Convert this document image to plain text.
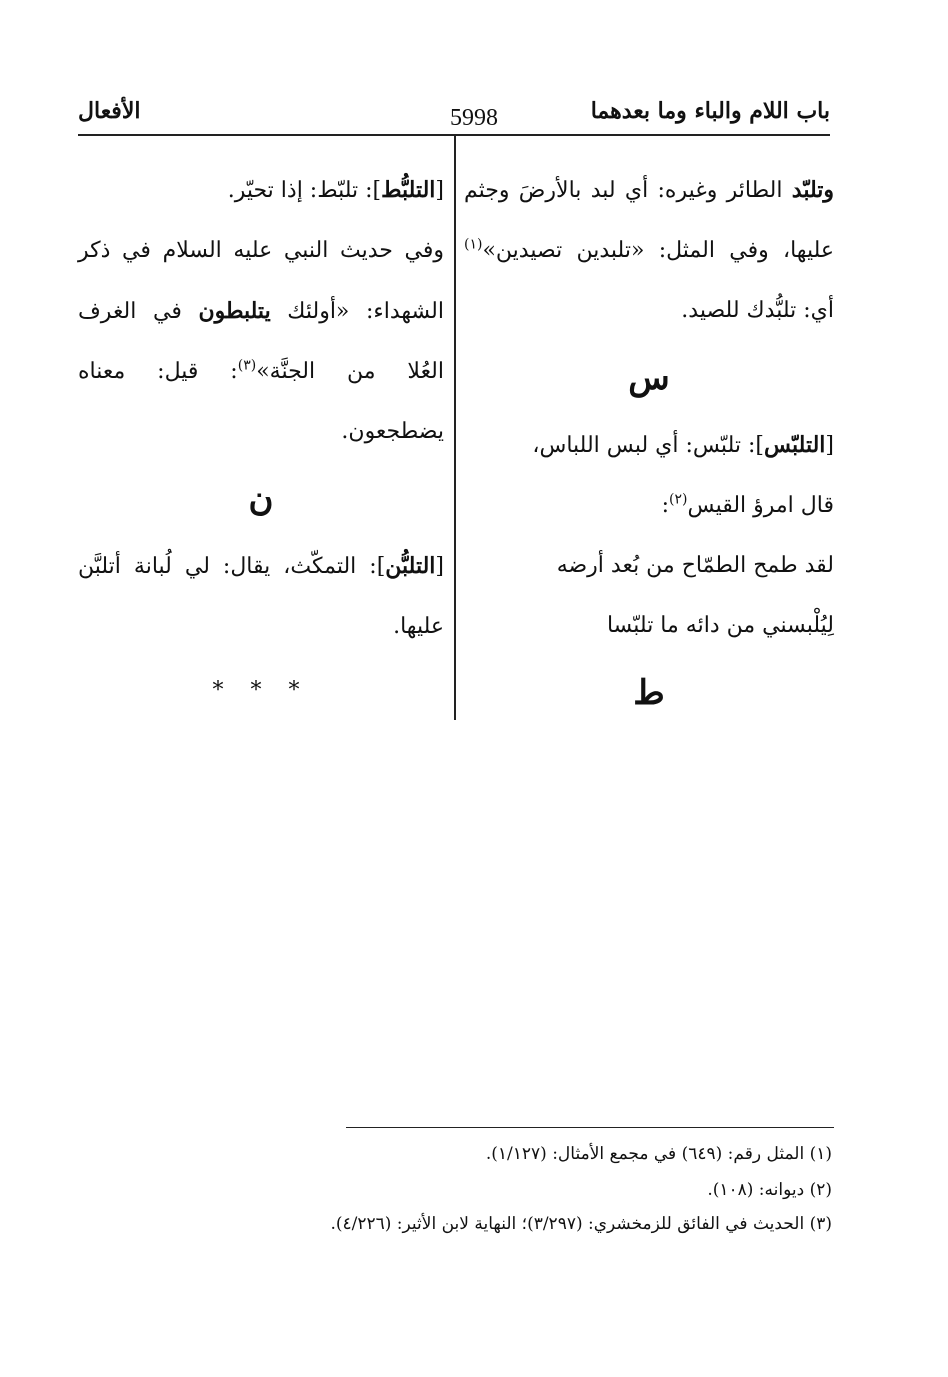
باب اللام والباء وما بعدهما
5998
الأفعال

وتلبّد الطائر وغيره: أي لبد بالأرضَ وجثم عليها، وفي المثل: «تلبدين تصيدين»$^{(١)}$ أي: تلبُّدك للصيد.

س

[التلبّس]: تلبّس: أي لبس اللباس،

قال امرؤ القيس$^{(٢)}$:

لقد طمح الطمّاح من بُعد أرضه

لِيُلْبسني من دائه ما تلبّسا

ط

[التلبُّط]: تلبّط: إذا تحيّر.

وفي حديث النبي عليه السلام في ذكر الشهداء: «أولئك يتلبطون في الغرف العُلا من الجنَّة»$^{(٣)}$: قيل: معناه يضطجعون.

ن

[التلبُّن]: التمكّث، يقال: لي لُبانة أتلبَّن عليها.

* * *
(١) المثل رقم: (٦٤٩) في مجمع الأمثال: (١/١٢٧).
(٢) ديوانه: (١٠٨).
(٣) الحديث في الفائق للزمخشري: (٣/٢٩٧)؛ النهاية لابن الأثير: (٤/٢٢٦).
